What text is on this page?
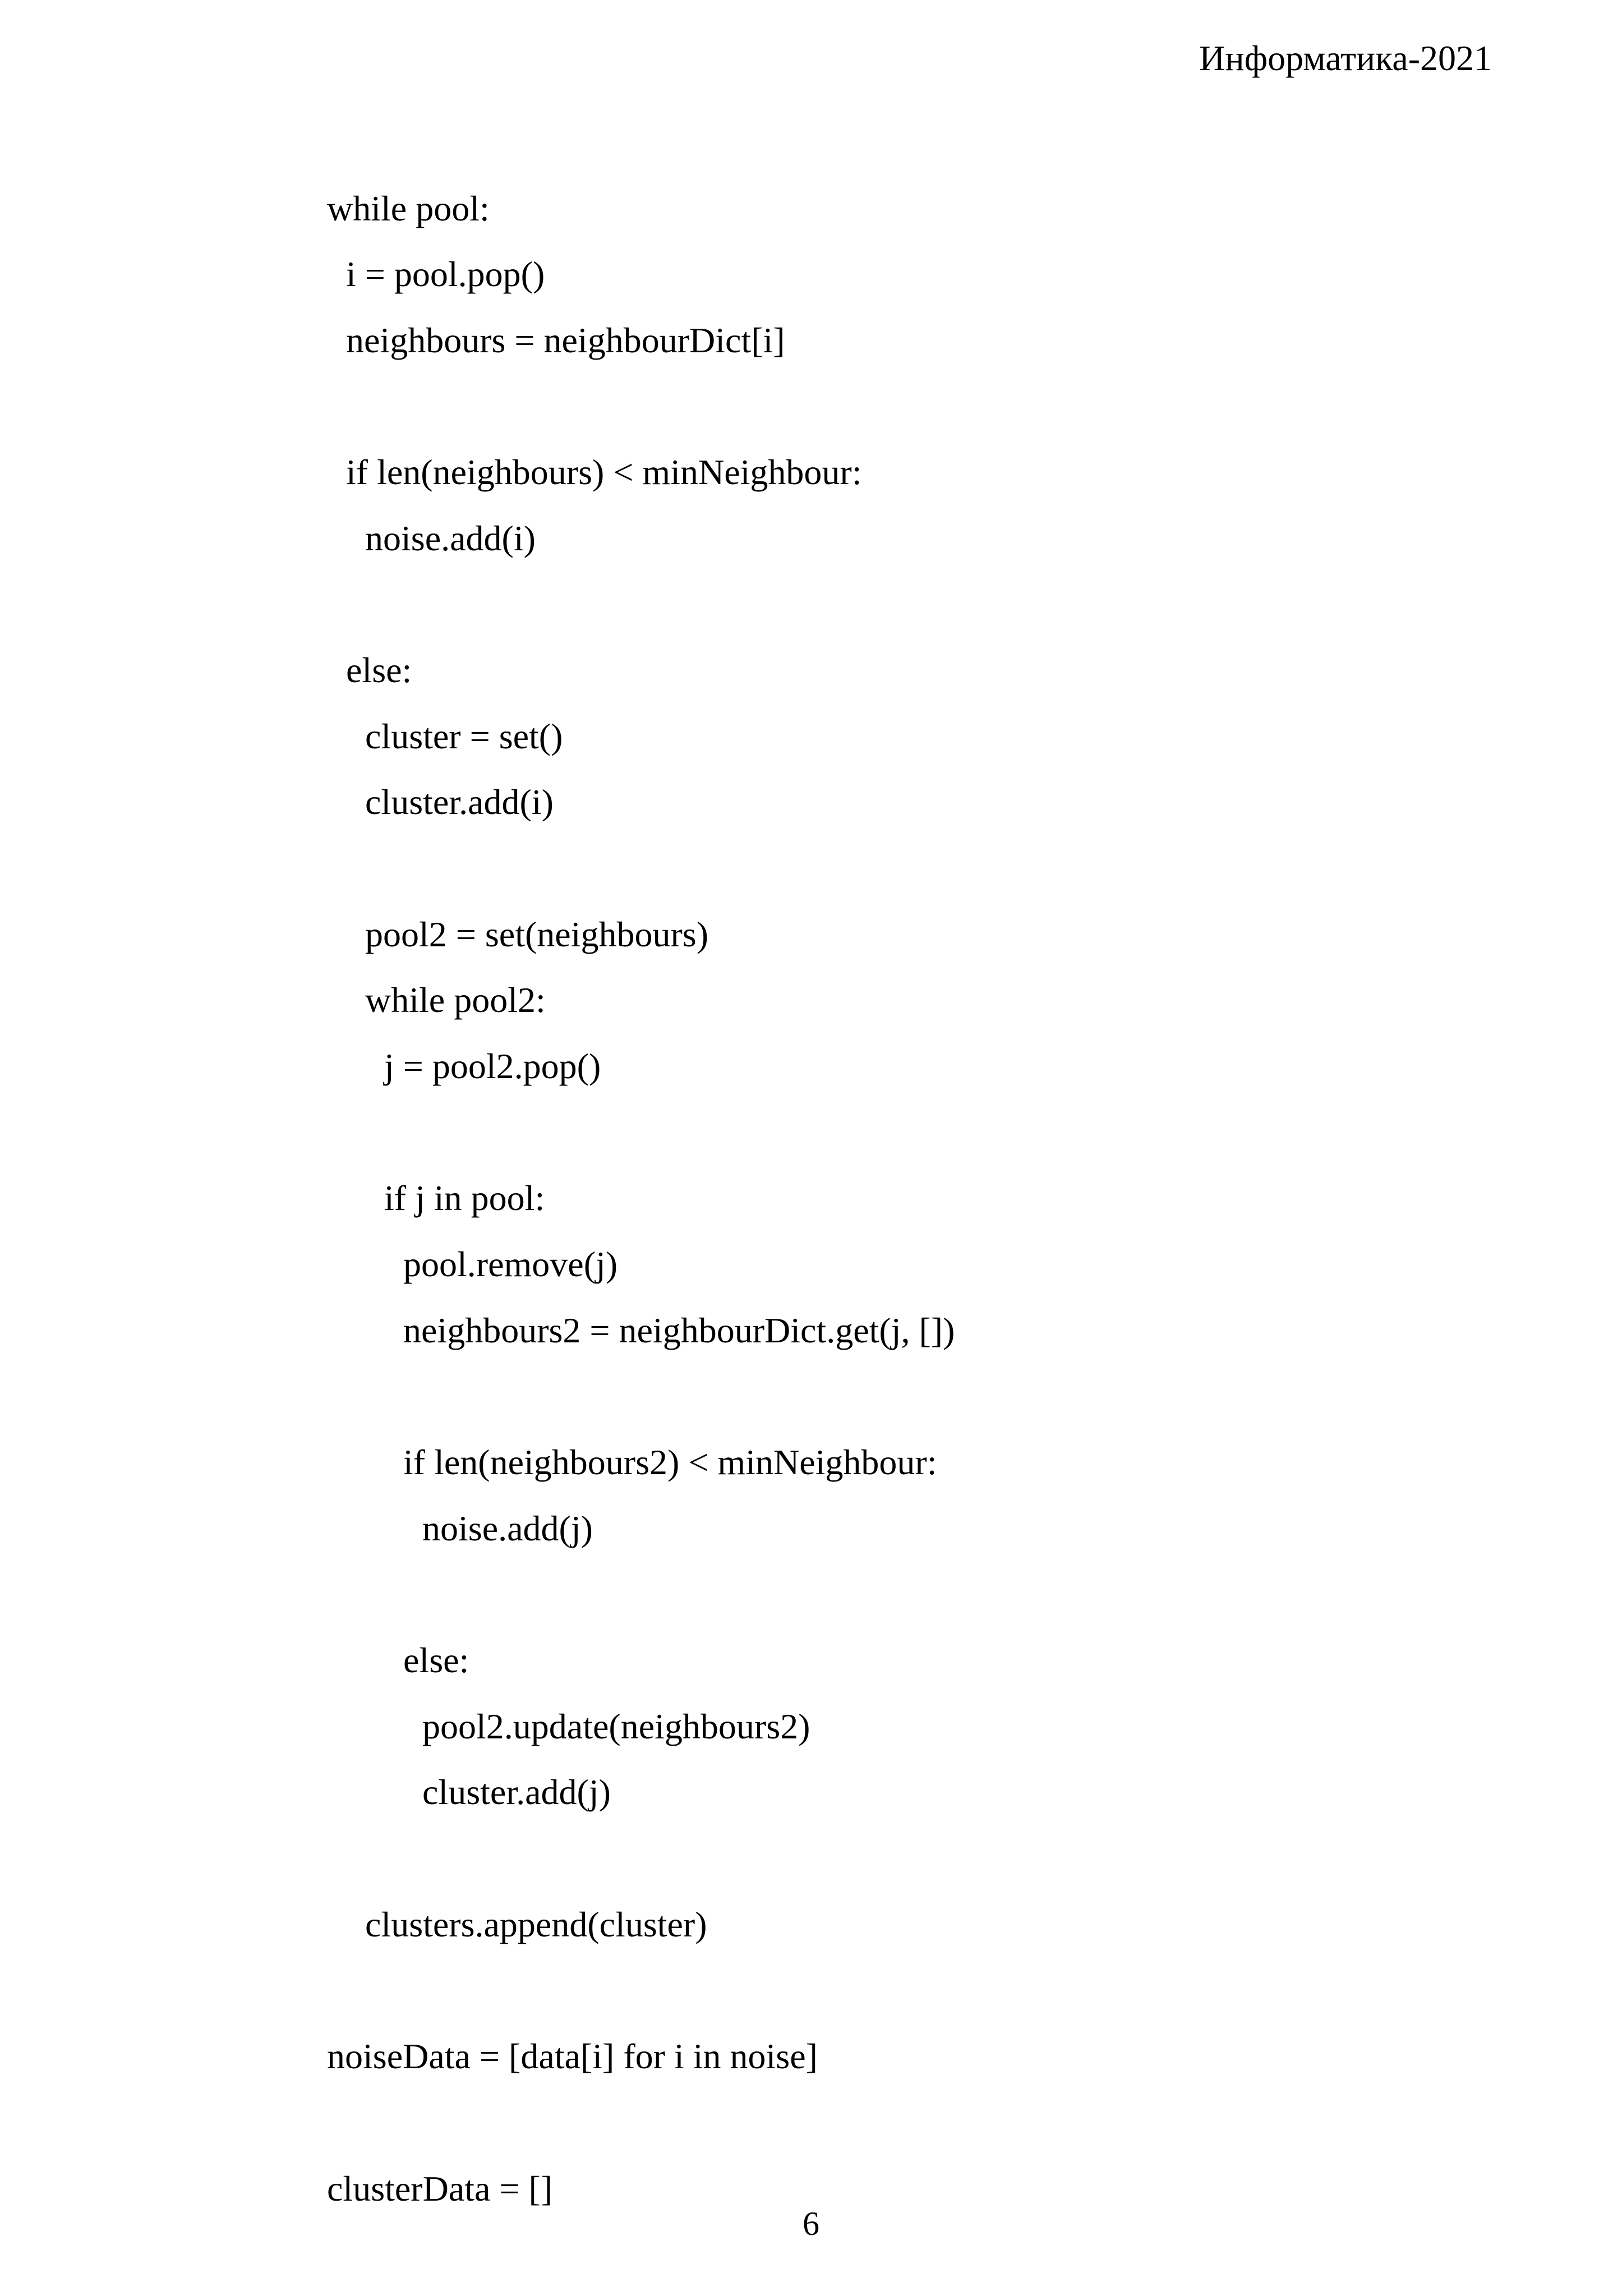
Информатика-2021
while pool:
i = pool.pop()
neighbours = neighbourDict[i]
if len(neighbours) < minNeighbour:
noise.add(i)
else:
cluster = set()
cluster.add(i)
pool2 = set(neighbours)
while pool2:
j = pool2.pop()
if j in pool:
pool.remove(j)
neighbours2 = neighbourDict.get(j, [])
if len(neighbours2) < minNeighbour:
noise.add(j)
else:
pool2.update(neighbours2)
cluster.add(j)
clusters.append(cluster)
noiseData = [data[i] for i in noise]
clusterData = []
6
